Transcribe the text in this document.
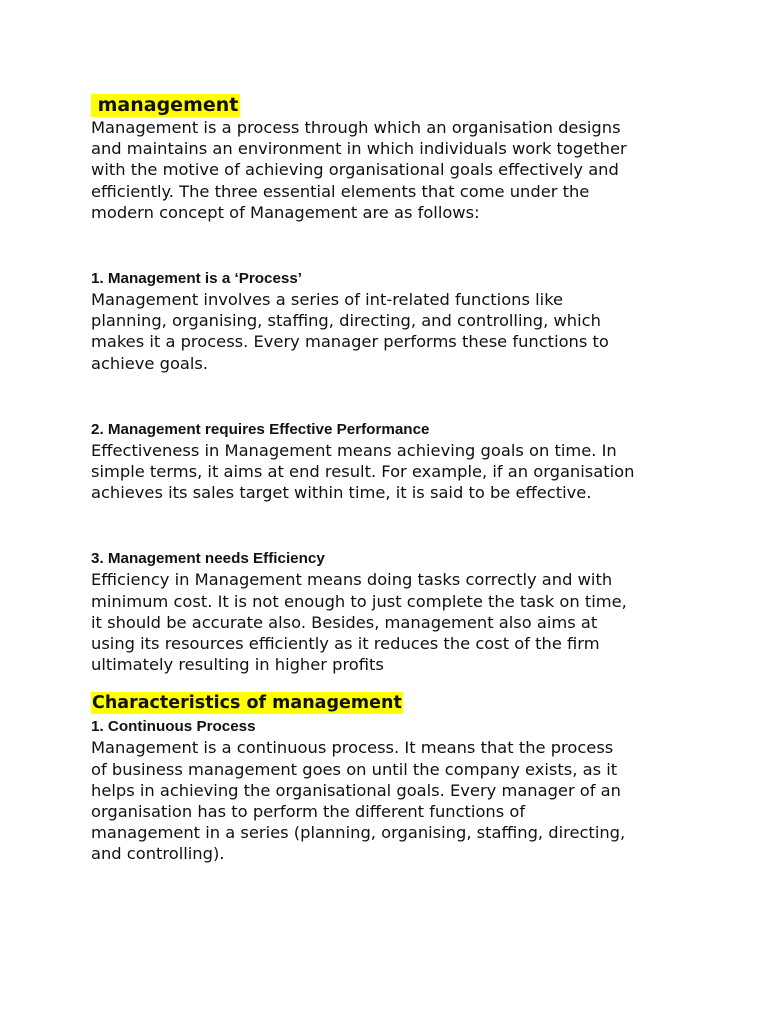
management

Management is a process through which an organisation designs
and maintains an environment in which individuals work together
with the motive of achieving organisational goals effectively and
efficiently. The three essential elements that come under the
modern concept of Management are as follows:

1. Management is a ‘Process’

Management involves a series of int-related functions like
planning, organising, staffing, directing, and controlling, which
makes it a process. Every manager performs these functions to
achieve goals.

2. Management requires Effective Performance

Effectiveness in Management means achieving goals on time. In
simple terms, it aims at end result. For example, if an organisation
achieves its sales target within time, it is said to be effective.

3. Management needs Efficiency

Efficiency in Management means doing tasks correctly and with
minimum cost. It is not enough to just complete the task on time,
it should be accurate also. Besides, management also aims at
using its resources efficiently as it reduces the cost of the firm
ultimately resulting in higher profits

Characteristics of management
1. Continuous Process

Management is a continuous process. It means that the process
of business management goes on until the company exists, as it
helps in achieving the organisational goals. Every manager of an
organisation has to perform the different functions of
management in a series (planning, organising, staffing, directing,
and controlling).
